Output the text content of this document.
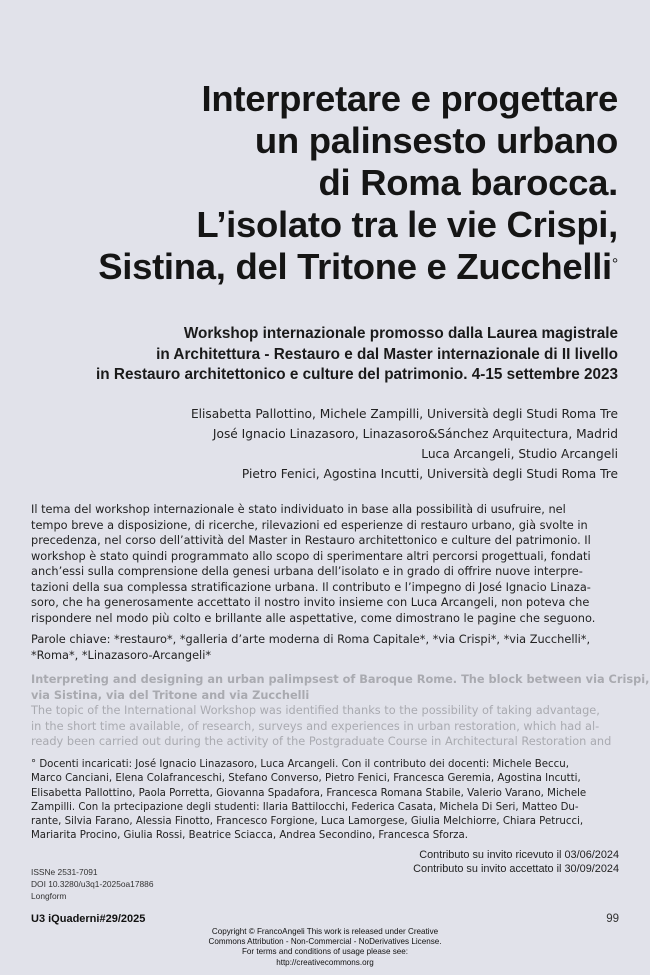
Interpretare e progettare
un palinsesto urbano
di Roma barocca.
L’isolato tra le vie Crispi,
Sistina, del Tritone e Zucchelli°
Workshop internazionale promosso dalla Laurea magistrale
in Architettura - Restauro e dal Master internazionale di II livello
in Restauro architettonico e culture del patrimonio. 4-15 settembre 2023
Elisabetta Pallottino, Michele Zampilli, Università degli Studi Roma Tre
José Ignacio Linazasoro, Linazasoro&Sánchez Arquitectura, Madrid
Luca Arcangeli, Studio Arcangeli
Pietro Fenici, Agostina Incutti, Università degli Studi Roma Tre
Il tema del workshop internazionale è stato individuato in base alla possibilità di usufruire, nel
tempo breve a disposizione, di ricerche, rilevazioni ed esperienze di restauro urbano, già svolte in
precedenza, nel corso dell’attività del Master in Restauro architettonico e culture del patrimonio. Il
workshop è stato quindi programmato allo scopo di sperimentare altri percorsi progettuali, fondati
anch’essi sulla comprensione della genesi urbana dell’isolato e in grado di offrire nuove interpre-
tazioni della sua complessa stratificazione urbana. Il contributo e l’impegno di José Ignacio Linaza-
soro, che ha generosamente accettato il nostro invito insieme con Luca Arcangeli, non poteva che
rispondere nel modo più colto e brillante alle aspettative, come dimostrano le pagine che seguono.
Parole chiave: *restauro*, *galleria d’arte moderna di Roma Capitale*, *via Crispi*, *via Zucchelli*,
*Roma*, *Linazasoro-Arcangeli*
Interpreting and designing an urban palimpsest of Baroque Rome. The block between via Crispi,
via Sistina, via del Tritone and via Zucchelli
The topic of the International Workshop was identified thanks to the possibility of taking advantage,
in the short time available, of research, surveys and experiences in urban restoration, which had al-
ready been carried out during the activity of the Postgraduate Course in Architectural Restoration and
° Docenti incaricati: José Ignacio Linazasoro, Luca Arcangeli. Con il contributo dei docenti: Michele Beccu,
Marco Canciani, Elena Colafranceschi, Stefano Converso, Pietro Fenici, Francesca Geremia, Agostina Incutti,
Elisabetta Pallottino, Paola Porretta, Giovanna Spadafora, Francesca Romana Stabile, Valerio Varano, Michele
Zampilli. Con la prtecipazione degli studenti: Ilaria Battilocchi, Federica Casata, Michela Di Seri, Matteo Du-
rante, Silvia Farano, Alessia Finotto, Francesco Forgione, Luca Lamorgese, Giulia Melchiorre, Chiara Petrucci,
Mariarita Procino, Giulia Rossi, Beatrice Sciacca, Andrea Secondino, Francesca Sforza.
Contributo su invito ricevuto il 03/06/2024
Contributo su invito accettato il 30/09/2024
ISSNe 2531-7091
DOI 10.3280/u3q1-2025oa17886
Longform
U3 iQuaderni#29/2025	99
Copyright © FrancoAngeli This work is released under Creative
Commons Attribution - Non-Commercial - NoDerivatives License.
For terms and conditions of usage please see:
http://creativecommons.org
